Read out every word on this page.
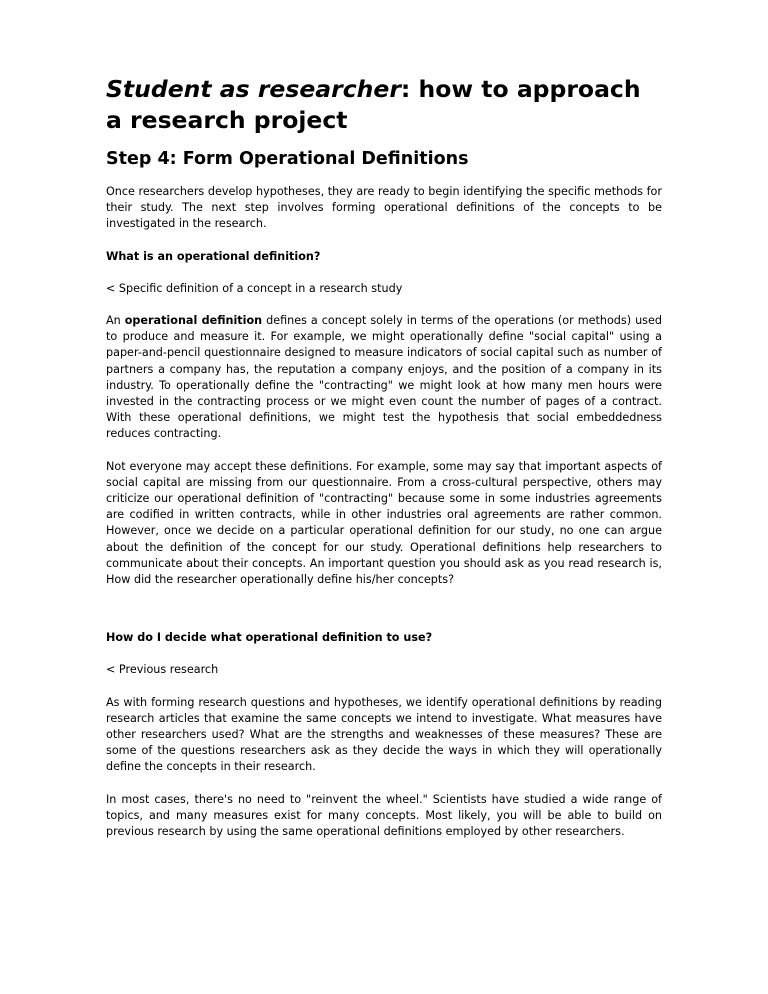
Student as researcher: how to approach a research project
Step 4: Form Operational Definitions

Once researchers develop hypotheses, they are ready to begin identifying the specific methods for their study. The next step involves forming operational definitions of the concepts to be investigated in the research.

What is an operational definition?

< Specific definition of a concept in a research study

An operational definition defines a concept solely in terms of the operations (or methods) used to produce and measure it. For example, we might operationally define "social capital" using a paper-and-pencil questionnaire designed to measure indicators of social capital such as number of partners a company has, the reputation a company enjoys, and the position of a company in its industry. To operationally define the "contracting" we might look at how many men hours were invested in the contracting process or we might even count the number of pages of a contract. With these operational definitions, we might test the hypothesis that social embeddedness reduces contracting.

Not everyone may accept these definitions. For example, some may say that important aspects of social capital are missing from our questionnaire. From a cross-cultural perspective, others may criticize our operational definition of "contracting" because some in some industries agreements are codified in written contracts, while in other industries oral agreements are rather common. However, once we decide on a particular operational definition for our study, no one can argue about the definition of the concept for our study. Operational definitions help researchers to communicate about their concepts. An important question you should ask as you read research is, How did the researcher operationally define his/her concepts?

How do I decide what operational definition to use?

< Previous research

As with forming research questions and hypotheses, we identify operational definitions by reading research articles that examine the same concepts we intend to investigate. What measures have other researchers used? What are the strengths and weaknesses of these measures? These are some of the questions researchers ask as they decide the ways in which they will operationally define the concepts in their research.

In most cases, there's no need to "reinvent the wheel." Scientists have studied a wide range of topics, and many measures exist for many concepts. Most likely, you will be able to build on previous research by using the same operational definitions employed by other researchers.
